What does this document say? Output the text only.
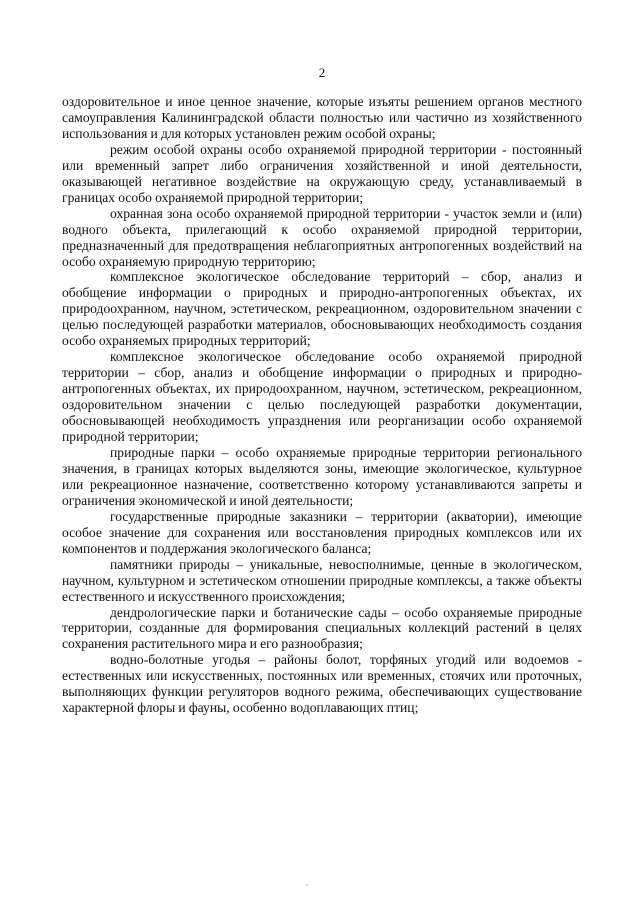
2

оздоровительное и иное ценное значение, которые изъяты решением органов местного самоуправления Калининградской области полностью или частично из хозяйственного использования и для которых установлен режим особой охраны;

режим особой охраны особо охраняемой природной территории - постоянный или временный запрет либо ограничения хозяйственной и иной деятельности, оказывающей негативное воздействие на окружающую среду, устанавливаемый в границах особо охраняемой природной территории;

охранная зона особо охраняемой природной территории - участок земли и (или) водного объекта, прилегающий к особо охраняемой природной территории, предназначенный для предотвращения неблагоприятных антропогенных воздействий на особо охраняемую природную территорию;

комплексное экологическое обследование территорий – сбор, анализ и обобщение информации о природных и природно-антропогенных объектах, их природоохранном, научном, эстетическом, рекреационном, оздоровительном значении с целью последующей разработки материалов, обосновывающих необходимость создания особо охраняемых природных территорий;

комплексное экологическое обследование особо охраняемой природной территории – сбор, анализ и обобщение информации о природных и природно-антропогенных объектах, их природоохранном, научном, эстетическом, рекреационном, оздоровительном значении с целью последующей разработки документации, обосновывающей необходимость упразднения или реорганизации особо охраняемой природной территории;

природные парки – особо охраняемые природные территории регионального значения, в границах которых выделяются зоны, имеющие экологическое, культурное или рекреационное назначение, соответственно которому устанавливаются запреты и ограничения экономической и иной деятельности;

государственные природные заказники – территории (акватории), имеющие особое значение для сохранения или восстановления природных комплексов или их компонентов и поддержания экологического баланса;

памятники природы – уникальные, невосполнимые, ценные в экологическом, научном, культурном и эстетическом отношении природные комплексы, а также объекты естественного и искусственного происхождения;

дендрологические парки и ботанические сады – особо охраняемые природные территории, созданные для формирования специальных коллекций растений в целях сохранения растительного мира и его разнообразия;

водно-болотные угодья – районы болот, торфяных угодий или водоемов - естественных или искусственных, постоянных или временных, стоячих или проточных, выполняющих функции регуляторов водного режима, обеспечивающих существование характерной флоры и фауны, особенно водоплавающих птиц;
